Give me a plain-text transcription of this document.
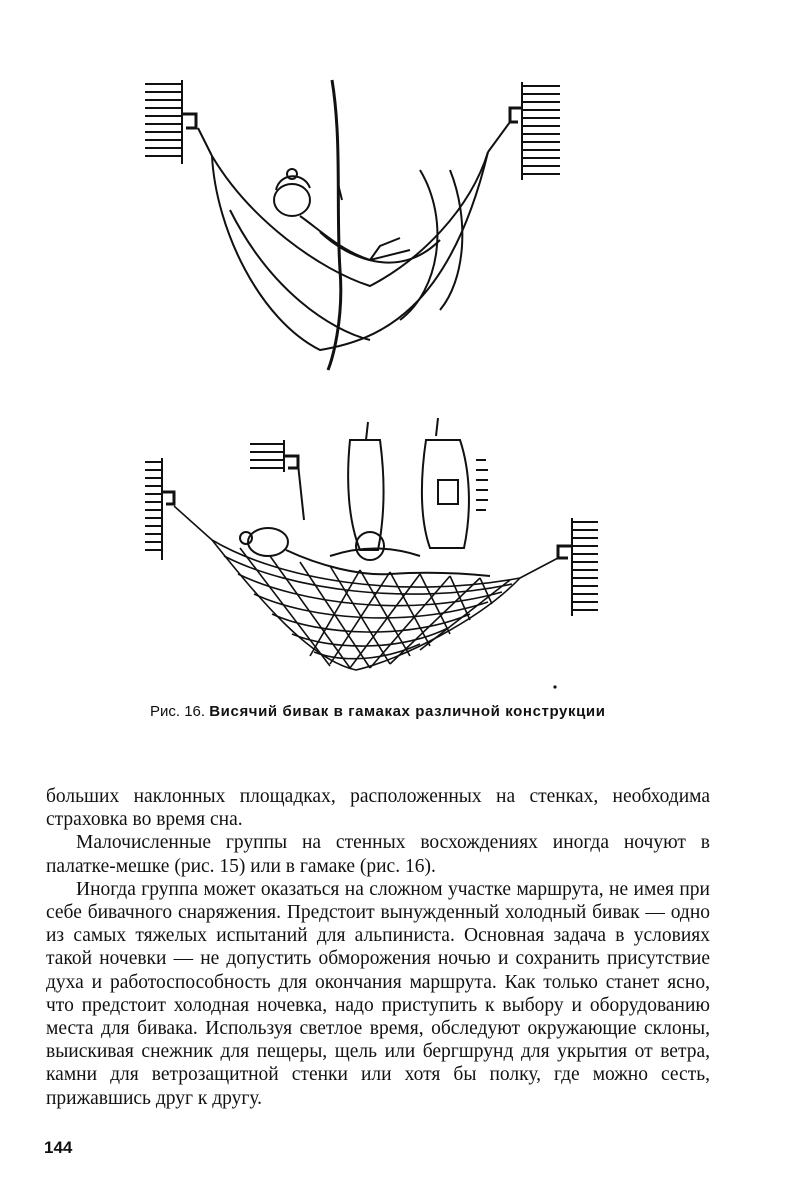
Рис. 16. Висячий бивак в гамаках различной конструкции

больших наклонных площадках, расположенных на стенках, необходима страховка во время сна.

Малочисленные группы на стенных восхождениях иногда ночуют в палатке-мешке (рис. 15) или в гамаке (рис. 16).

Иногда группа может оказаться на сложном участке маршрута, не имея при себе бивачного снаряжения. Предстоит вынужденный холодный бивак — одно из самых тяжелых испытаний для альпиниста. Основная задача в условиях такой ночевки — не допустить обморожения ночью и сохранить присутствие духа и работоспособность для окончания маршрута. Как только станет ясно, что предстоит холодная ночевка, надо приступить к выбору и оборудованию места для бивака. Используя светлое время, обследуют окружающие склоны, выискивая снежник для пещеры, щель или бергшрунд для укрытия от ветра, камни для ветрозащитной стенки или хотя бы полку, где можно сесть, прижавшись друг к другу.

144
